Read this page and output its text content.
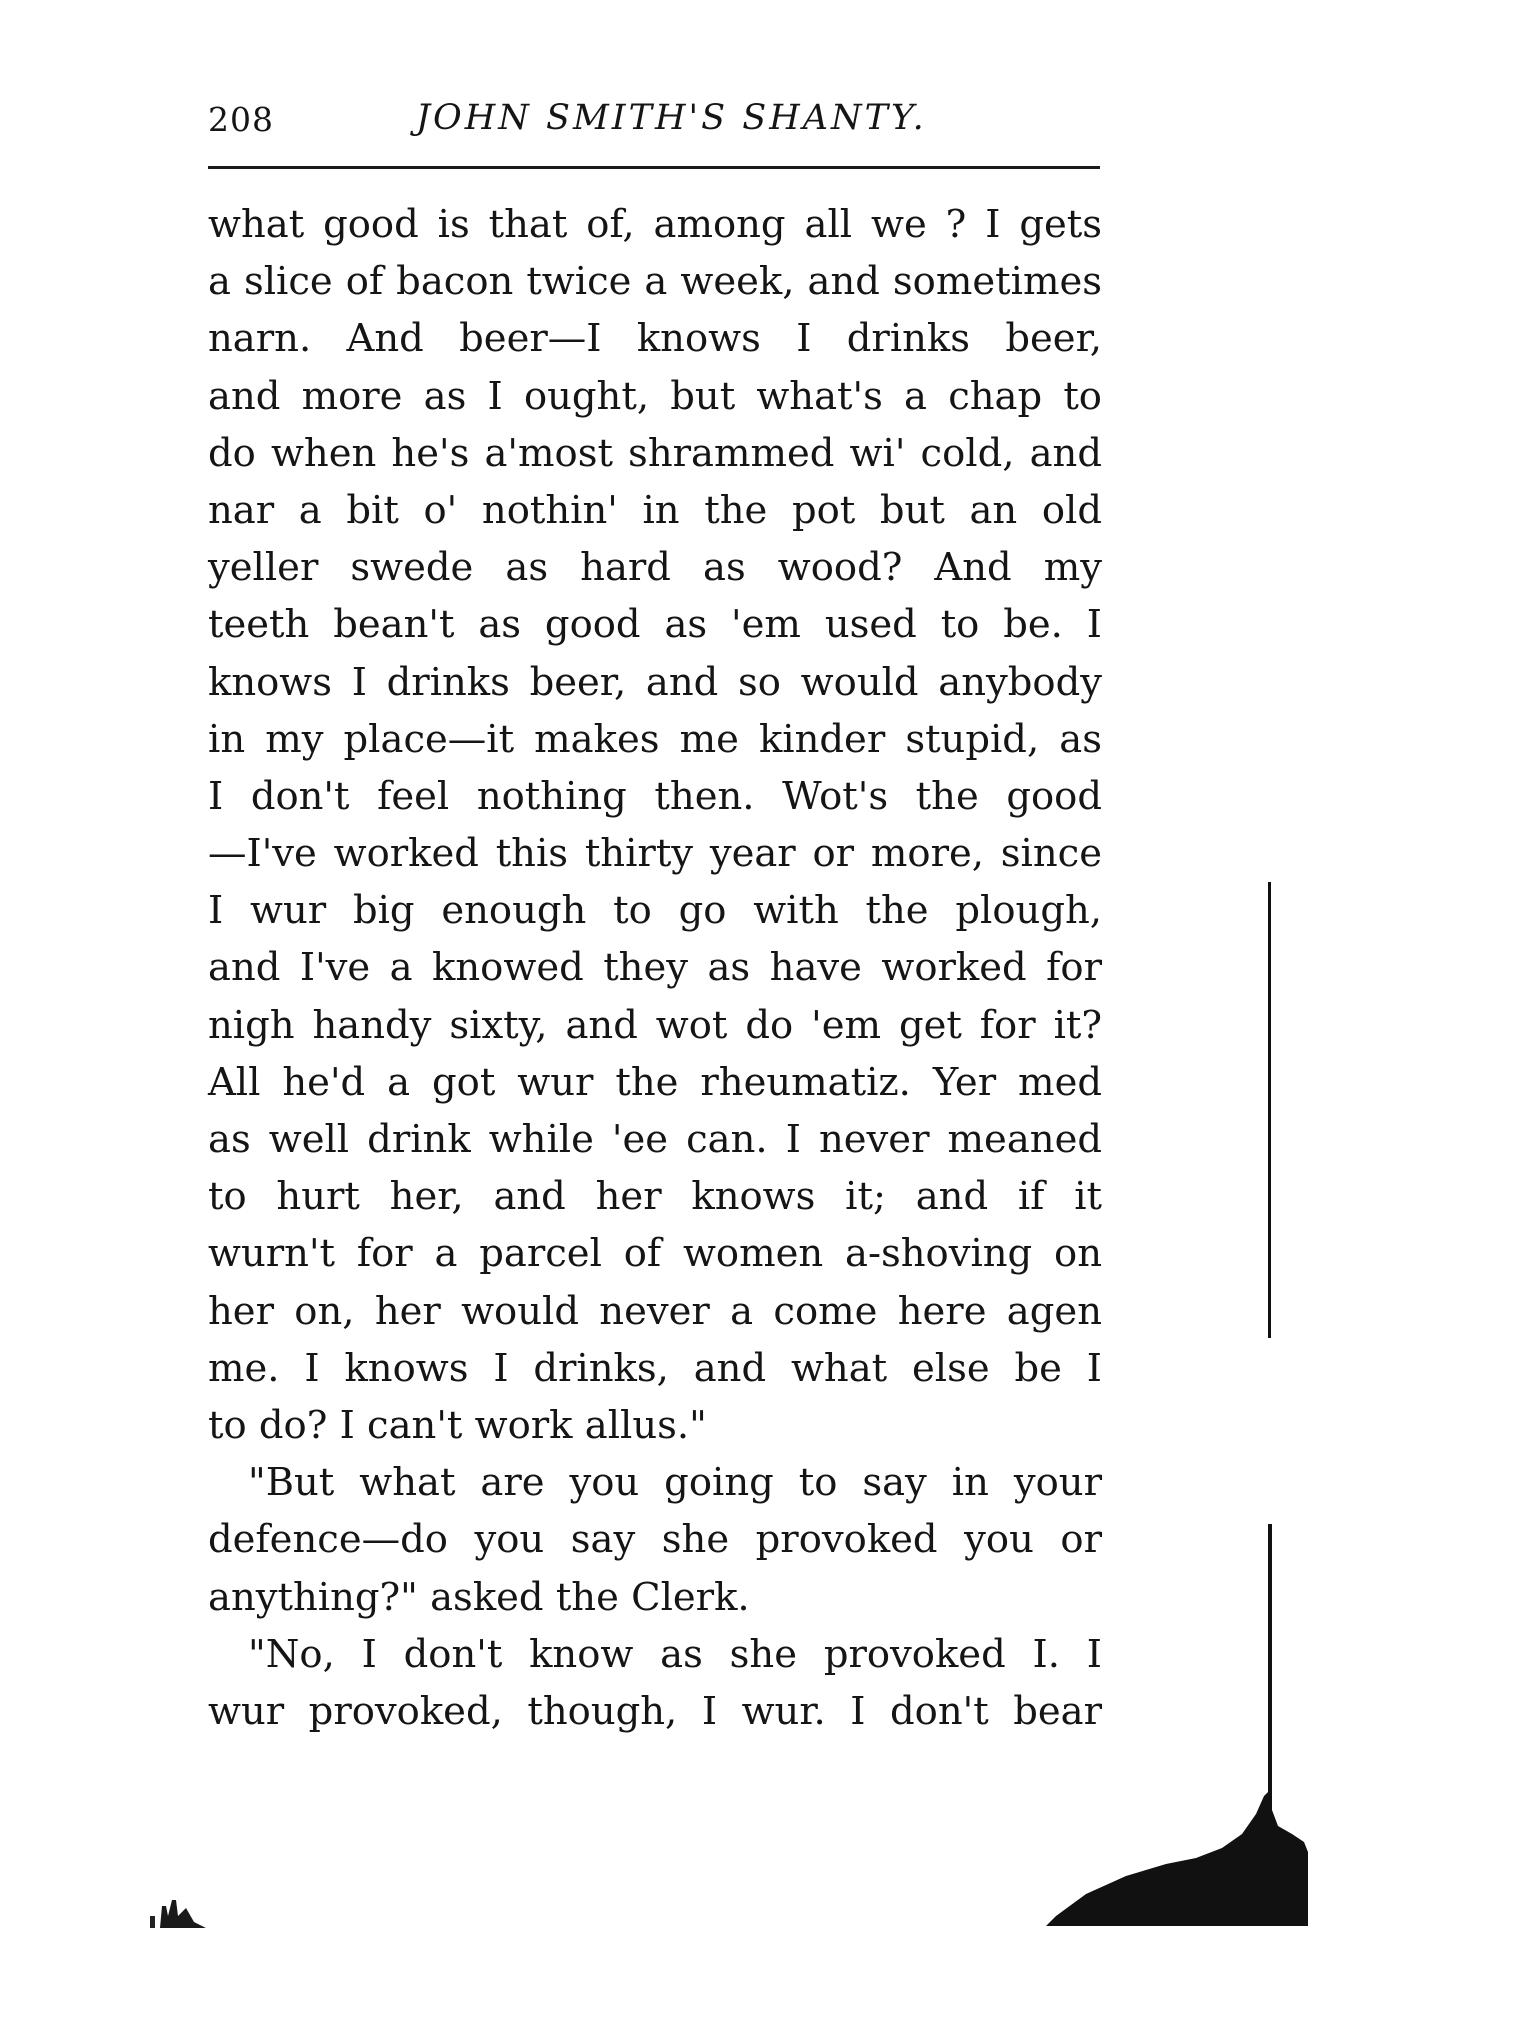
208	JOHN SMITH'S SHANTY.
what good is that of, among all we ? I gets
a slice of bacon twice a week, and sometimes
narn. And beer—I knows I drinks beer,
and more as I ought, but what's a chap to
do when he's a'most shrammed wi' cold, and
nar a bit o' nothin' in the pot but an old
yeller swede as hard as wood? And my
teeth bean't as good as 'em used to be. I
knows I drinks beer, and so would anybody
in my place—it makes me kinder stupid, as
I don't feel nothing then. Wot's the good
—I've worked this thirty year or more, since
I wur big enough to go with the plough,
and I've a knowed they as have worked for
nigh handy sixty, and wot do 'em get for it?
All he'd a got wur the rheumatiz. Yer med
as well drink while 'ee can. I never meaned
to hurt her, and her knows it; and if it
wurn't for a parcel of women a-shoving on
her on, her would never a come here agen
me. I knows I drinks, and what else be I
to do? I can't work allus."
"But what are you going to say in your
defence—do you say she provoked you or
anything?" asked the Clerk.
"No, I don't know as she provoked I. I
wur provoked, though, I wur. I don't bear
